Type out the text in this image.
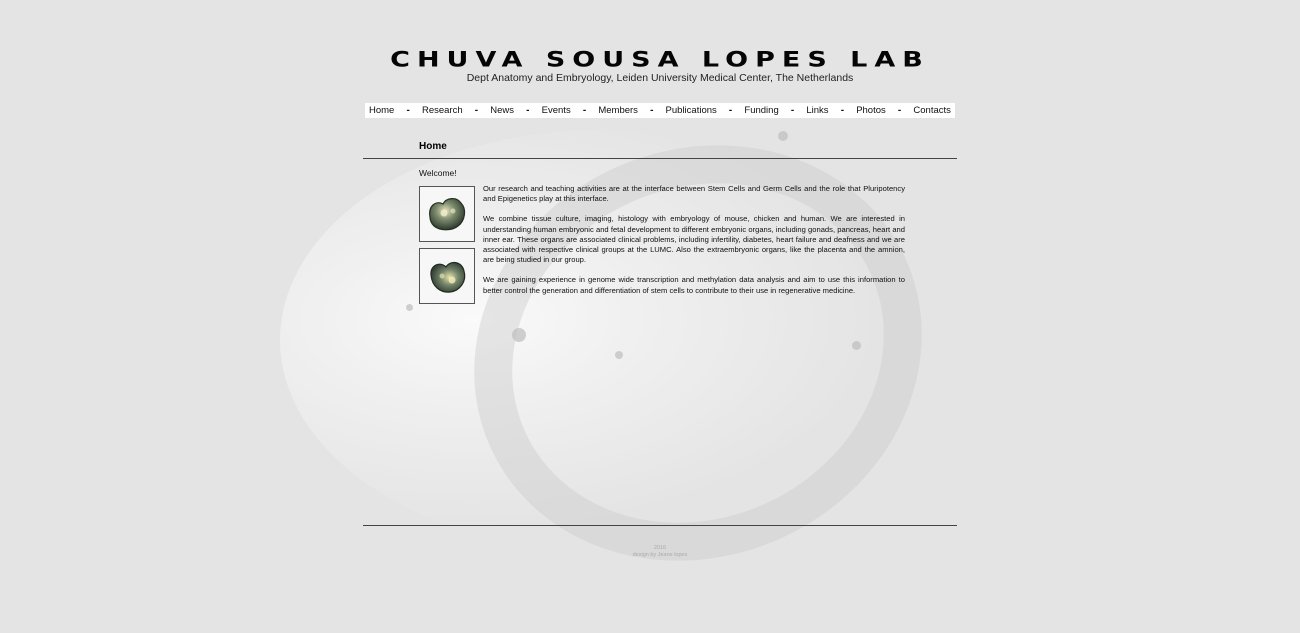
CHUVA SOUSA LOPES LAB
Dept Anatomy and Embryology, Leiden University Medical Center, The Netherlands
Home - Research - News - Events - Members - Publications - Funding - Links - Photos - Contacts
Home
Welcome!

Our research and teaching activities are at the interface between Stem Cells and Germ Cells and the role that Pluripotency and Epigenetics play at this interface.

We combine tissue culture, imaging, histology with embryology of mouse, chicken and human. We are interested in understanding human embryonic and fetal development to different embryonic organs, including gonads, pancreas, heart and inner ear. These organs are associated clinical problems, including infertility, diabetes, heart failure and deafness and we are associated with respective clinical groups at the LUMC. Also the extraembryonic organs, like the placenta and the amnion, are being studied in our group.

We are gaining experience in genome wide transcription and methylation data analysis and aim to use this information to better control the generation and differentiation of stem cells to contribute to their use in regenerative medicine.

2016
design by Jeane lopes
